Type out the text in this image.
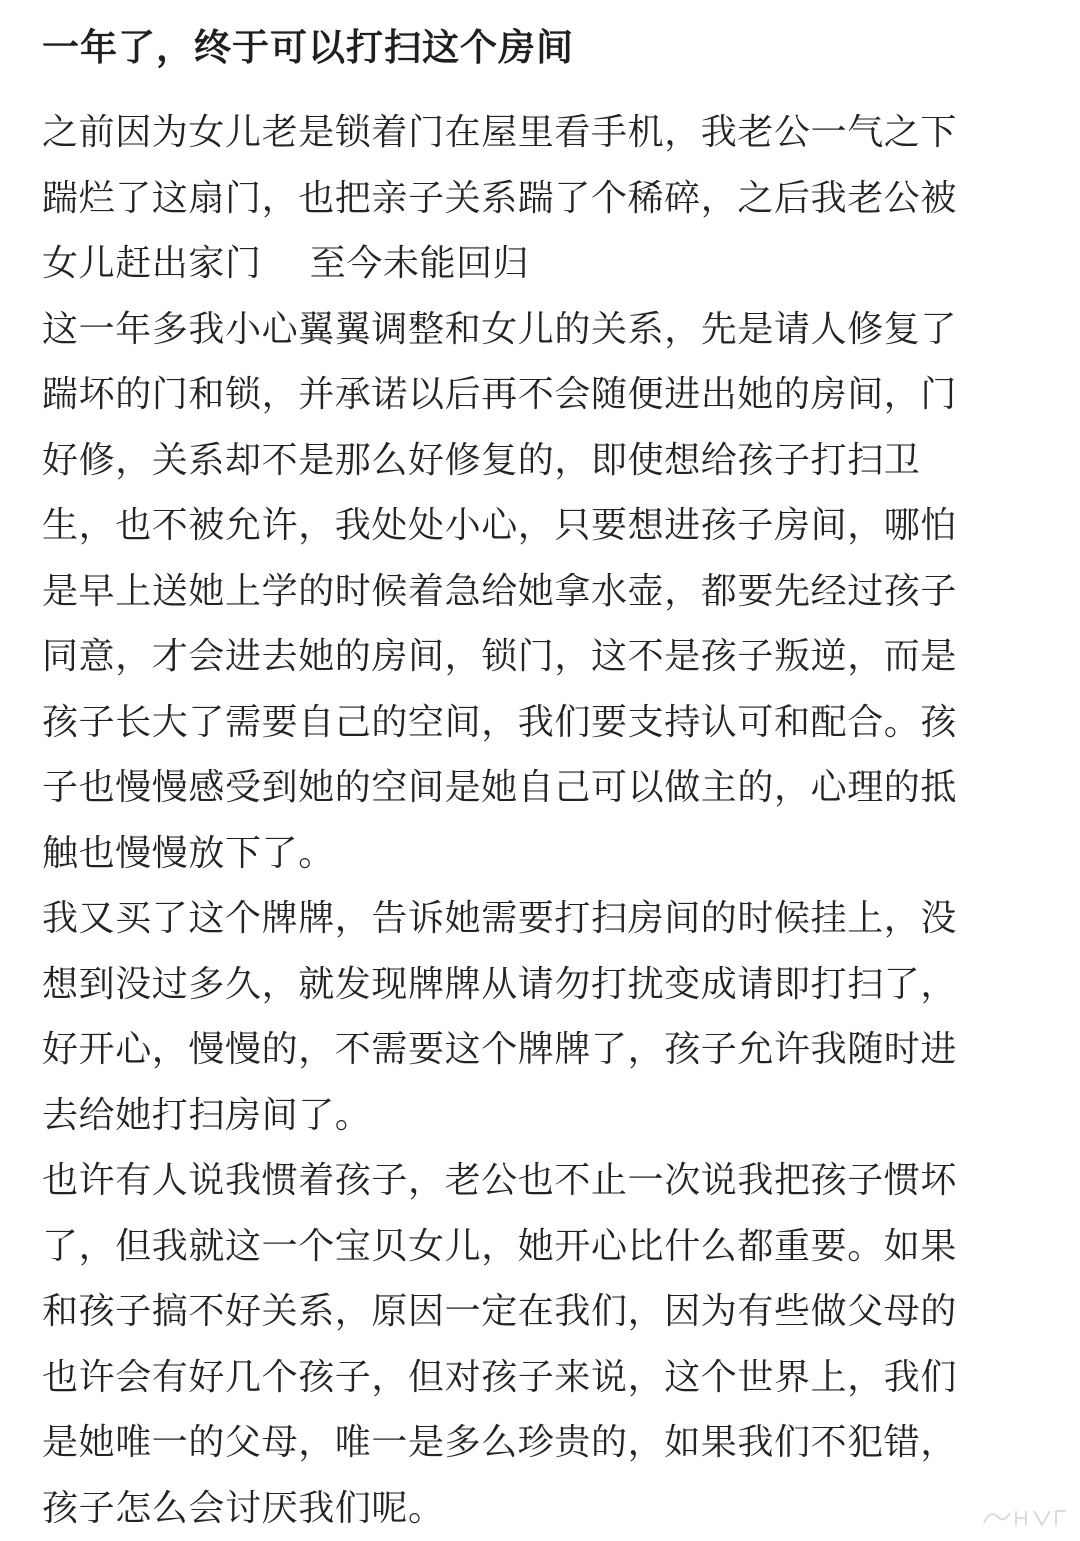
一年了，终于可以打扫这个房间

之前因为女儿老是锁着门在屋里看手机，我老公一气之下
踹烂了这扇门，也把亲子关系踹了个稀碎，之后我老公被
女儿赶出家门    至今未能回归

这一年多我小心翼翼调整和女儿的关系，先是请人修复了
踹坏的门和锁，并承诺以后再不会随便进出她的房间，门
好修，关系却不是那么好修复的，即使想给孩子打扫卫
生，也不被允许，我处处小心，只要想进孩子房间，哪怕
是早上送她上学的时候着急给她拿水壶，都要先经过孩子
同意，才会进去她的房间，锁门，这不是孩子叛逆，而是
孩子长大了需要自己的空间，我们要支持认可和配合。孩
子也慢慢感受到她的空间是她自己可以做主的，心理的抵
触也慢慢放下了。

我又买了这个牌牌，告诉她需要打扫房间的时候挂上，没
想到没过多久，就发现牌牌从请勿打扰变成请即打扫了，
好开心，慢慢的，不需要这个牌牌了，孩子允许我随时进
去给她打扫房间了。

也许有人说我惯着孩子，老公也不止一次说我把孩子惯坏
了，但我就这一个宝贝女儿，她开心比什么都重要。如果
和孩子搞不好关系，原因一定在我们，因为有些做父母的
也许会有好几个孩子，但对孩子来说，这个世界上，我们
是她唯一的父母，唯一是多么珍贵的，如果我们不犯错，
孩子怎么会讨厌我们呢。
